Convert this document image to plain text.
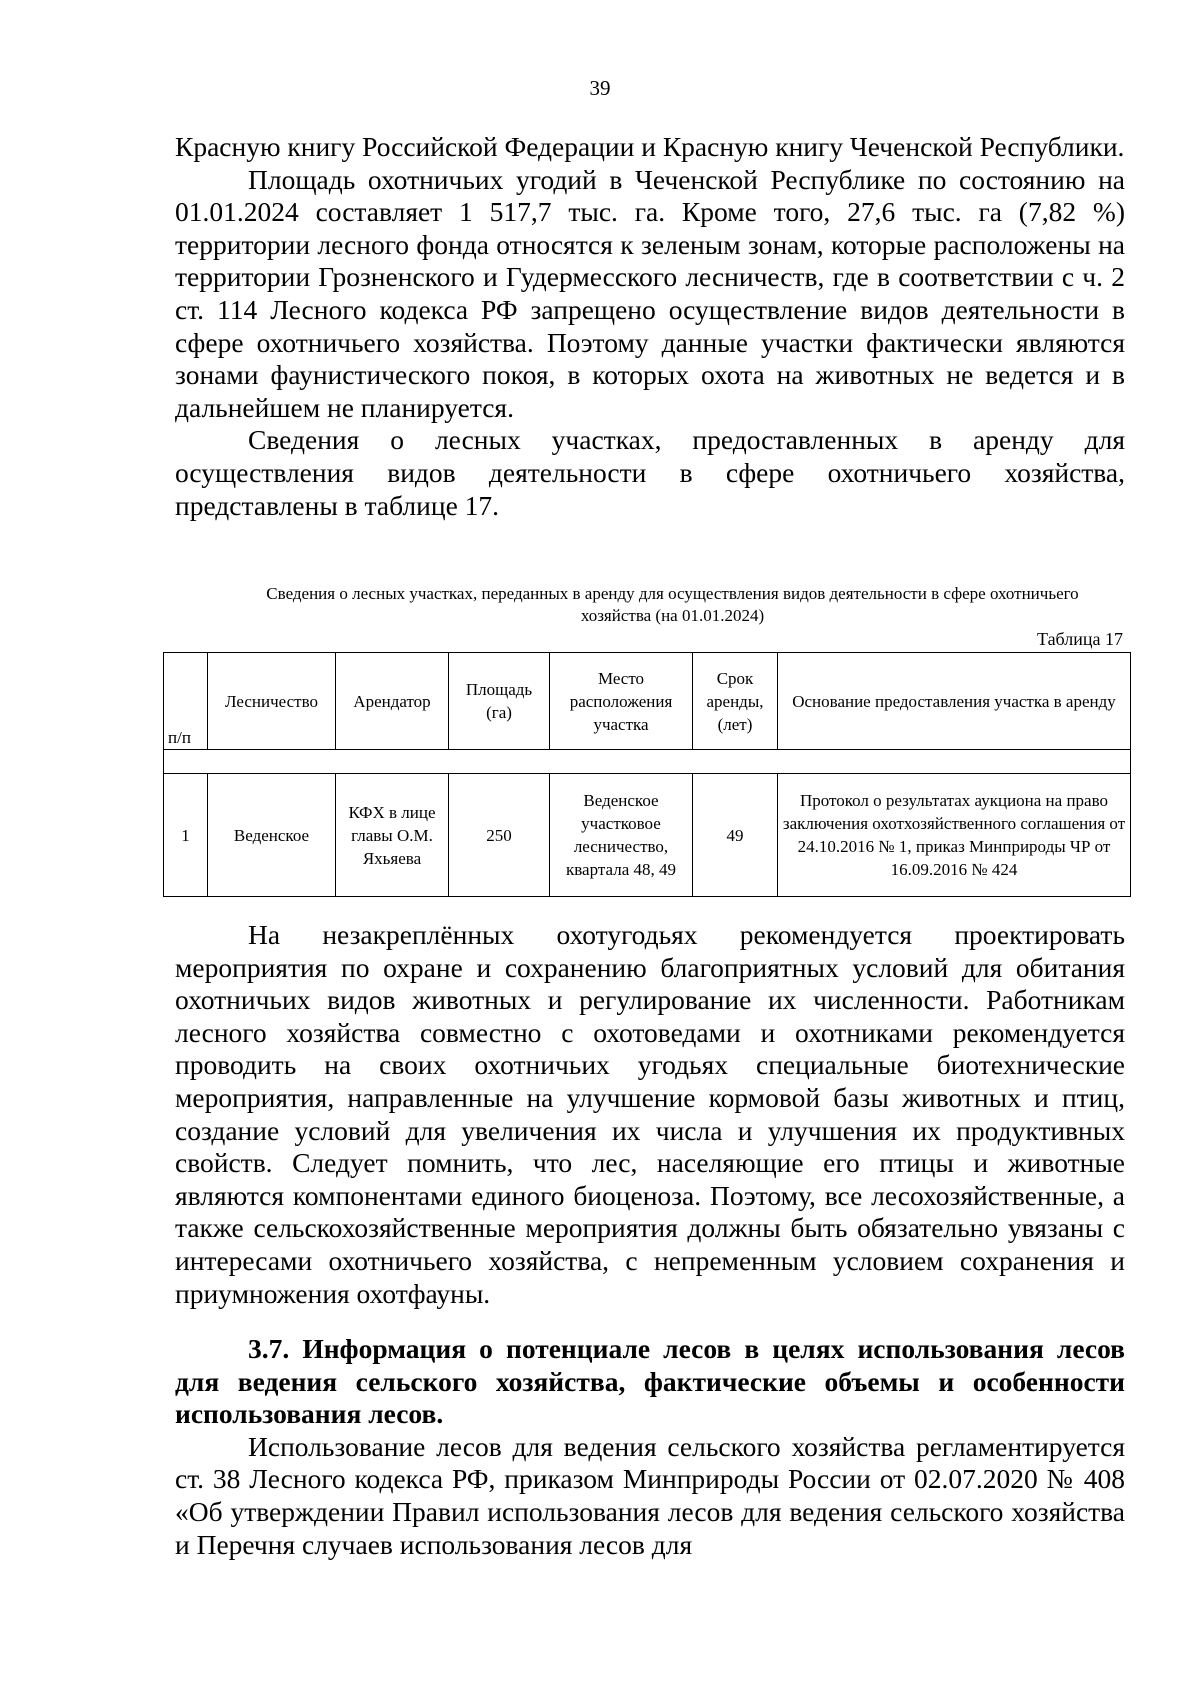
39

Красную книгу Российской Федерации и Красную книгу Чеченской Республики.

Площадь охотничьих угодий в Чеченской Республике по состоянию на 01.01.2024 составляет 1 517,7 тыс. га. Кроме того, 27,6 тыс. га (7,82 %) территории лесного фонда относятся к зеленым зонам, которые расположены на территории Грозненского и Гудермесского лесничеств, где в соответствии с ч. 2 ст. 114 Лесного кодекса РФ запрещено осуществление видов деятельности в сфере охотничьего хозяйства. Поэтому данные участки фактически являются зонами фаунистического покоя, в которых охота на животных не ведется и в дальнейшем не планируется.

Сведения о лесных участках, предоставленных в аренду для осуществления видов деятельности в сфере охотничьего хозяйства, представлены в таблице 17.

Сведения о лесных участках, переданных в аренду для осуществления видов деятельности в сфере охотничьего хозяйства (на 01.01.2024)
Таблица 17
п/п	Лесничество	Арендатор	Площадь (га)	Место расположения участка	Срок аренды, (лет)	Основание предоставления участка в аренду

1	Веденское	КФХ в лице главы О.М. Яхьяева	250	Веденское участковое лесничество, квартала 48, 49	49	Протокол о результатах аукциона на право заключения охотхозяйственного соглашения от 24.10.2016 № 1, приказ Минприроды ЧР от 16.09.2016 № 424

На незакреплённых охотугодьях рекомендуется проектировать мероприятия по охране и сохранению благоприятных условий для обитания охотничьих видов животных и регулирование их численности. Работникам лесного хозяйства совместно с охотоведами и охотниками рекомендуется проводить на своих охотничьих угодьях специальные биотехнические мероприятия, направленные на улучшение кормовой базы животных и птиц, создание условий для увеличения их числа и улучшения их продуктивных свойств. Следует помнить, что лес, населяющие его птицы и животные являются компонентами единого биоценоза. Поэтому, все лесохозяйственные, а также сельскохозяйственные мероприятия должны быть обязательно увязаны с интересами охотничьего хозяйства, с непременным условием сохранения и приумножения охотфауны.

3.7. Информация о потенциале лесов в целях использования лесов для ведения сельского хозяйства, фактические объемы и особенности использования лесов.

Использование лесов для ведения сельского хозяйства регламентируется ст. 38 Лесного кодекса РФ, приказом Минприроды России от 02.07.2020 № 408 «Об утверждении Правил использования лесов для ведения сельского хозяйства и Перечня случаев использования лесов для
